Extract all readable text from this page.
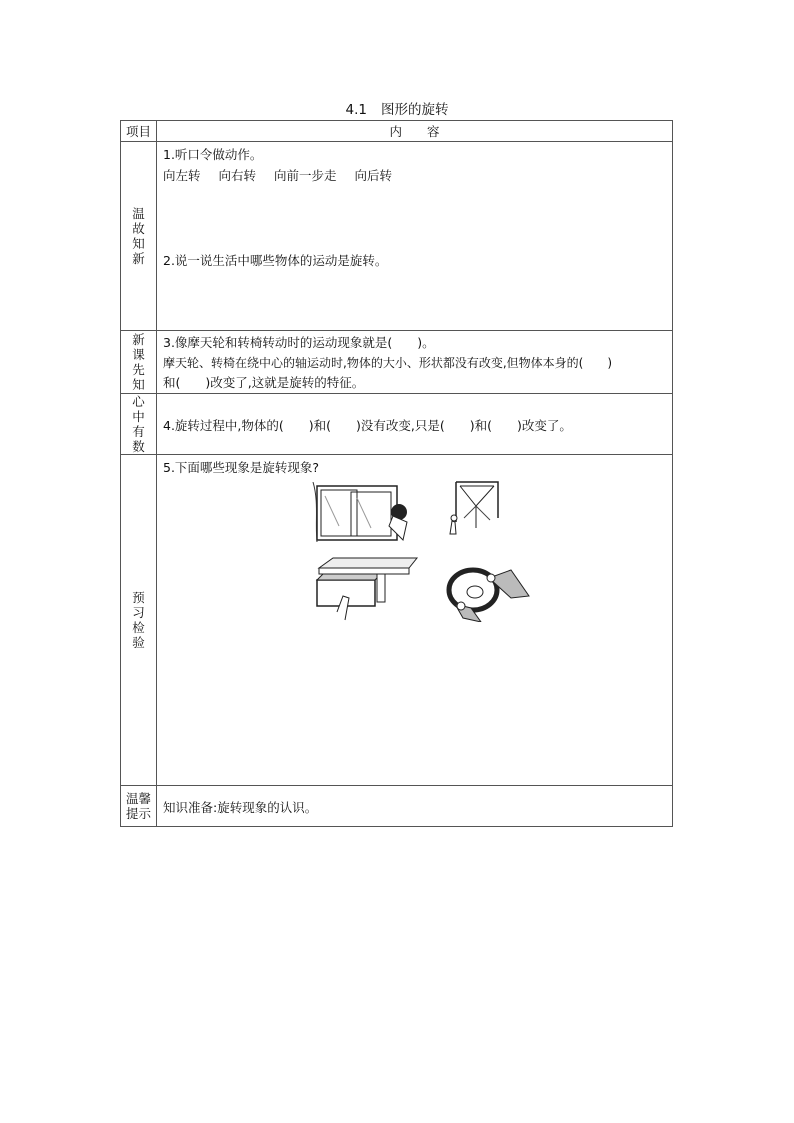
4.1 图形的旋转
项目	内　　容
温故知新	1.听口令做动作。
向左转 向右转 向前一步走 向后转
2.说一说生活中哪些物体的运动是旋转。

新课先知	3.像摩天轮和转椅转动时的运动现象就是(　　)。
摩天轮、转椅在绕中心的轴运动时,物体的大小、形状都没有改变,但物体本身的(　　)
和(　　)改变了,这就是旋转的特征。

心中有数	4.旋转过程中,物体的(　　)和(　　)没有改变,只是(　　)和(　　)改变了。

预习检验	5.下面哪些现象是旋转现象?

温馨提示	知识准备:旋转现象的认识。
